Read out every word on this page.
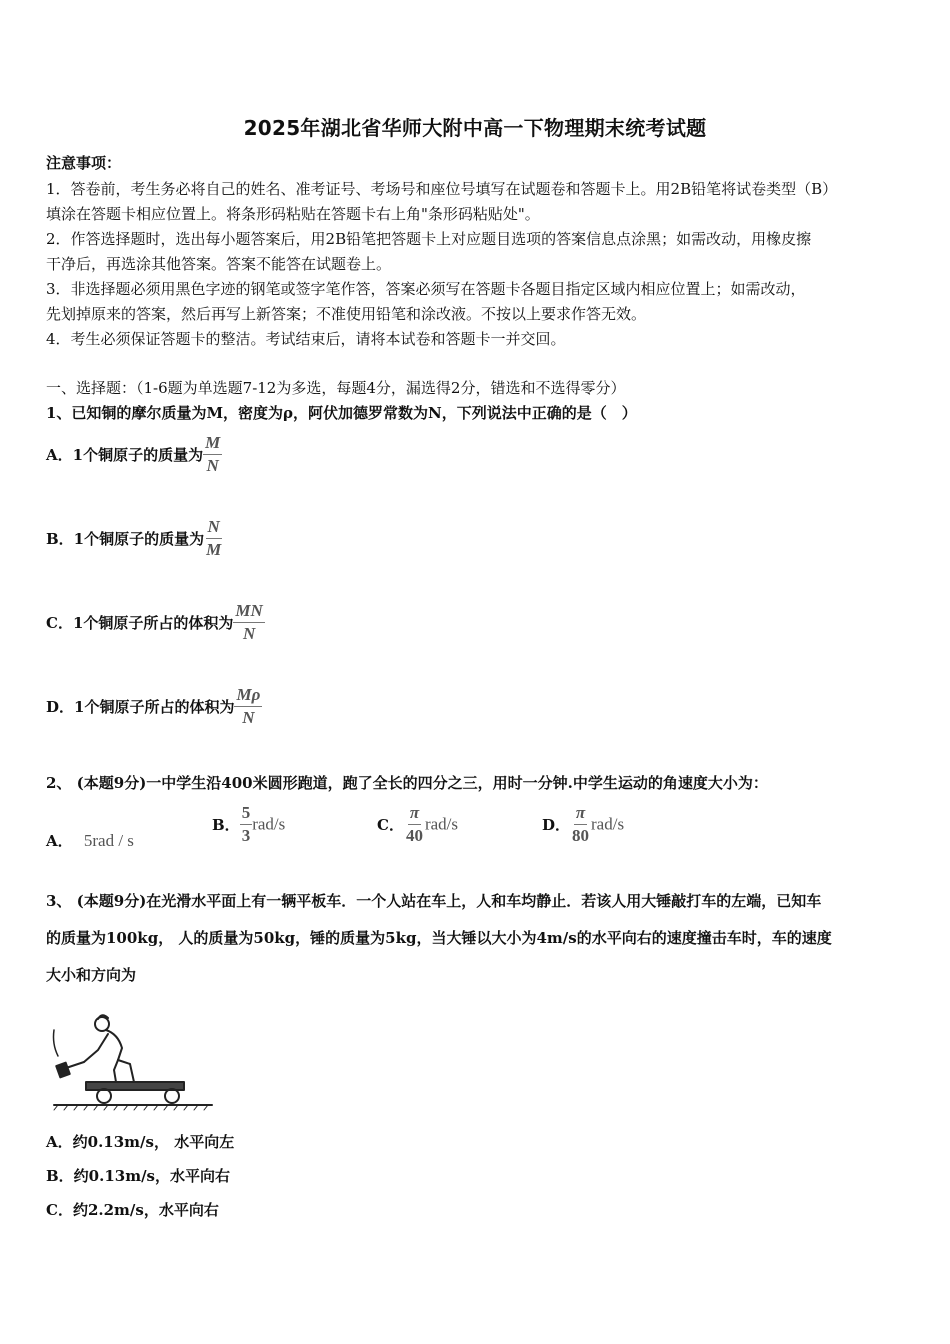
2025年湖北省华师大附中高一下物理期末统考试题
注意事项：
1．答卷前，考生务必将自己的姓名、准考证号、考场号和座位号填写在试题卷和答题卡上。用2B铅笔将试卷类型（B）
填涂在答题卡相应位置上。将条形码粘贴在答题卡右上角"条形码粘贴处"。
2．作答选择题时，选出每小题答案后，用2B铅笔把答题卡上对应题目选项的答案信息点涂黑；如需改动，用橡皮擦
干净后，再选涂其他答案。答案不能答在试题卷上。
3．非选择题必须用黑色字迹的钢笔或签字笔作答，答案必须写在答题卡各题目指定区域内相应位置上；如需改动，
先划掉原来的答案，然后再写上新答案；不准使用铅笔和涂改液。不按以上要求作答无效。
4．考生必须保证答题卡的整洁。考试结束后，请将本试卷和答题卡一并交回。
一、选择题：（1-6题为单选题7-12为多选，每题4分，漏选得2分，错选和不选得零分）
1、已知铜的摩尔质量为M，密度为ρ，阿伏加德罗常数为N，下列说法中正确的是（　）
A．1个铜原子的质量为 $\frac{M}{N}$
B．1个铜原子的质量为 $\frac{N}{M}$
C．1个铜原子所占的体积为 $\frac{MN}{N}$
D．1个铜原子所占的体积为 $\frac{M\rho}{N}$
2、 (本题9分)一中学生沿400米圆形跑道，跑了全长的四分之三，用时一分钟.中学生运动的角速度大小为：
A． 5rad / s
B． $\frac{5}{3} rad/s$	C． $\frac{\pi}{40} rad/s$	D． $\frac{\pi}{80} rad/s$
3、 (本题9分)在光滑水平面上有一辆平板车．一个人站在车上，人和车均静止．若该人用大锤敲打车的左端，已知车
的质量为100kg， 人的质量为50kg，锤的质量为5kg，当大锤以大小为4m/s的水平向右的速度撞击车时，车的速度
大小和方向为
A．约0.13m/s， 水平向左
B．约0.13m/s，水平向右
C．约2.2m/s，水平向右
